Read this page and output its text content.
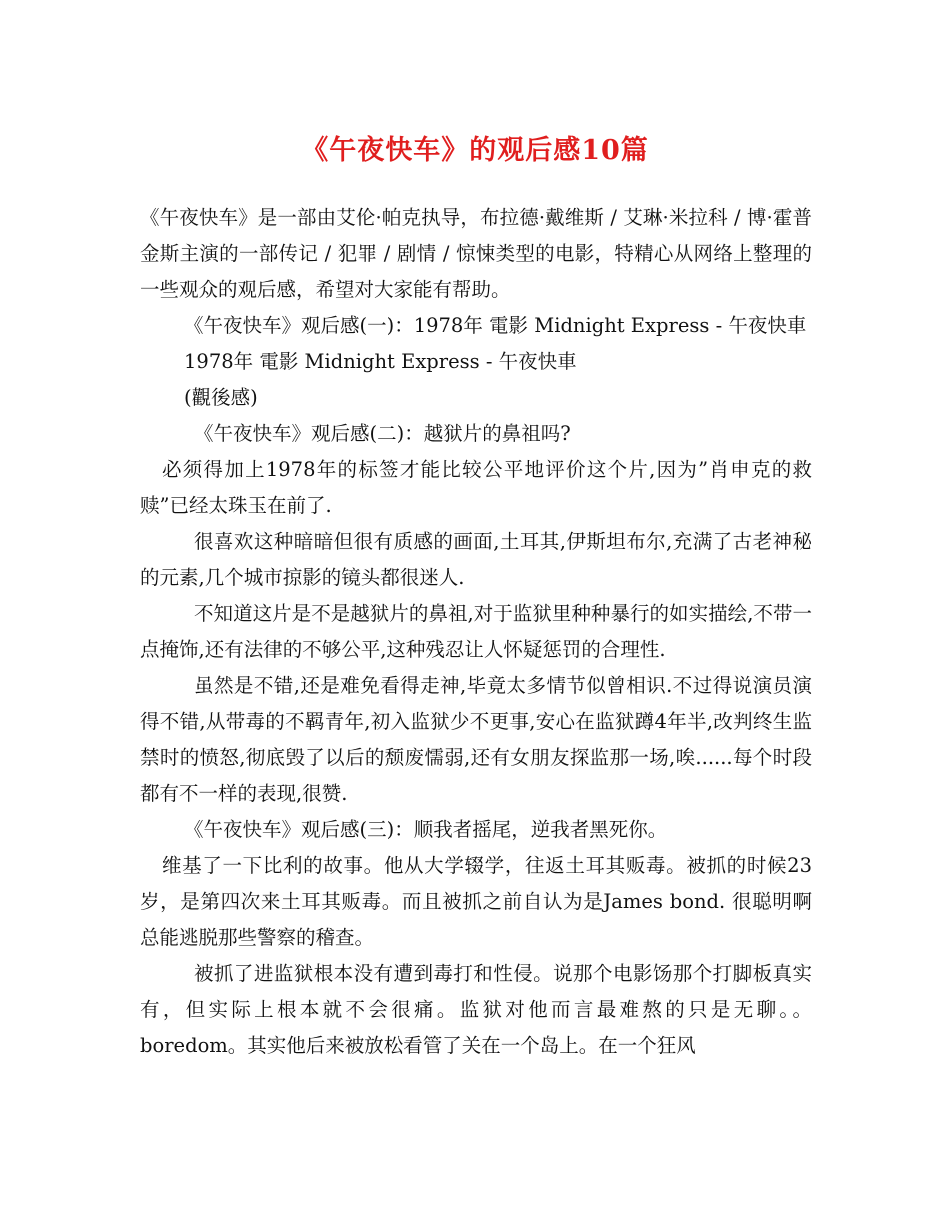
《午夜快车》的观后感10篇

《午夜快车》是一部由艾伦·帕克执导，布拉德·戴维斯 / 艾琳·米拉科 / 博·霍普金斯主演的一部传记 / 犯罪 / 剧情 / 惊悚类型的电影，特精心从网络上整理的一些观众的观后感，希望对大家能有帮助。

《午夜快车》观后感(一)：1978年 電影 Midnight Express - 午夜快車

1978年 電影 Midnight Express - 午夜快車

(觀後感)

《午夜快车》观后感(二)：越狱片的鼻祖吗?

必须得加上1978年的标签才能比较公平地评价这个片,因为”肖申克的救赎”已经太珠玉在前了.

很喜欢这种暗暗但很有质感的画面,土耳其,伊斯坦布尔,充满了古老神秘的元素,几个城市掠影的镜头都很迷人.

不知道这片是不是越狱片的鼻祖,对于监狱里种种暴行的如实描绘,不带一点掩饰,还有法律的不够公平,这种残忍让人怀疑惩罚的合理性.

虽然是不错,还是难免看得走神,毕竟太多情节似曾相识.不过得说演员演得不错,从带毒的不羁青年,初入监狱少不更事,安心在监狱蹲4年半,改判终生监禁时的愤怒,彻底毁了以后的颓废懦弱,还有女朋友探监那一场,唉......每个时段都有不一样的表现,很赞.

《午夜快车》观后感(三)：顺我者摇尾，逆我者黑死你。

维基了一下比利的故事。他从大学辍学，往返土耳其贩毒。被抓的时候23岁，是第四次来土耳其贩毒。而且被抓之前自认为是James bond. 很聪明啊总能逃脱那些警察的稽查。

被抓了进监狱根本没有遭到毒打和性侵。说那个电影饧那个打脚板真实有，但实际上根本就不会很痛。监狱对他而言最难熬的只是无聊。。boredom。其实他后来被放松看管了关在一个岛上。在一个狂风
